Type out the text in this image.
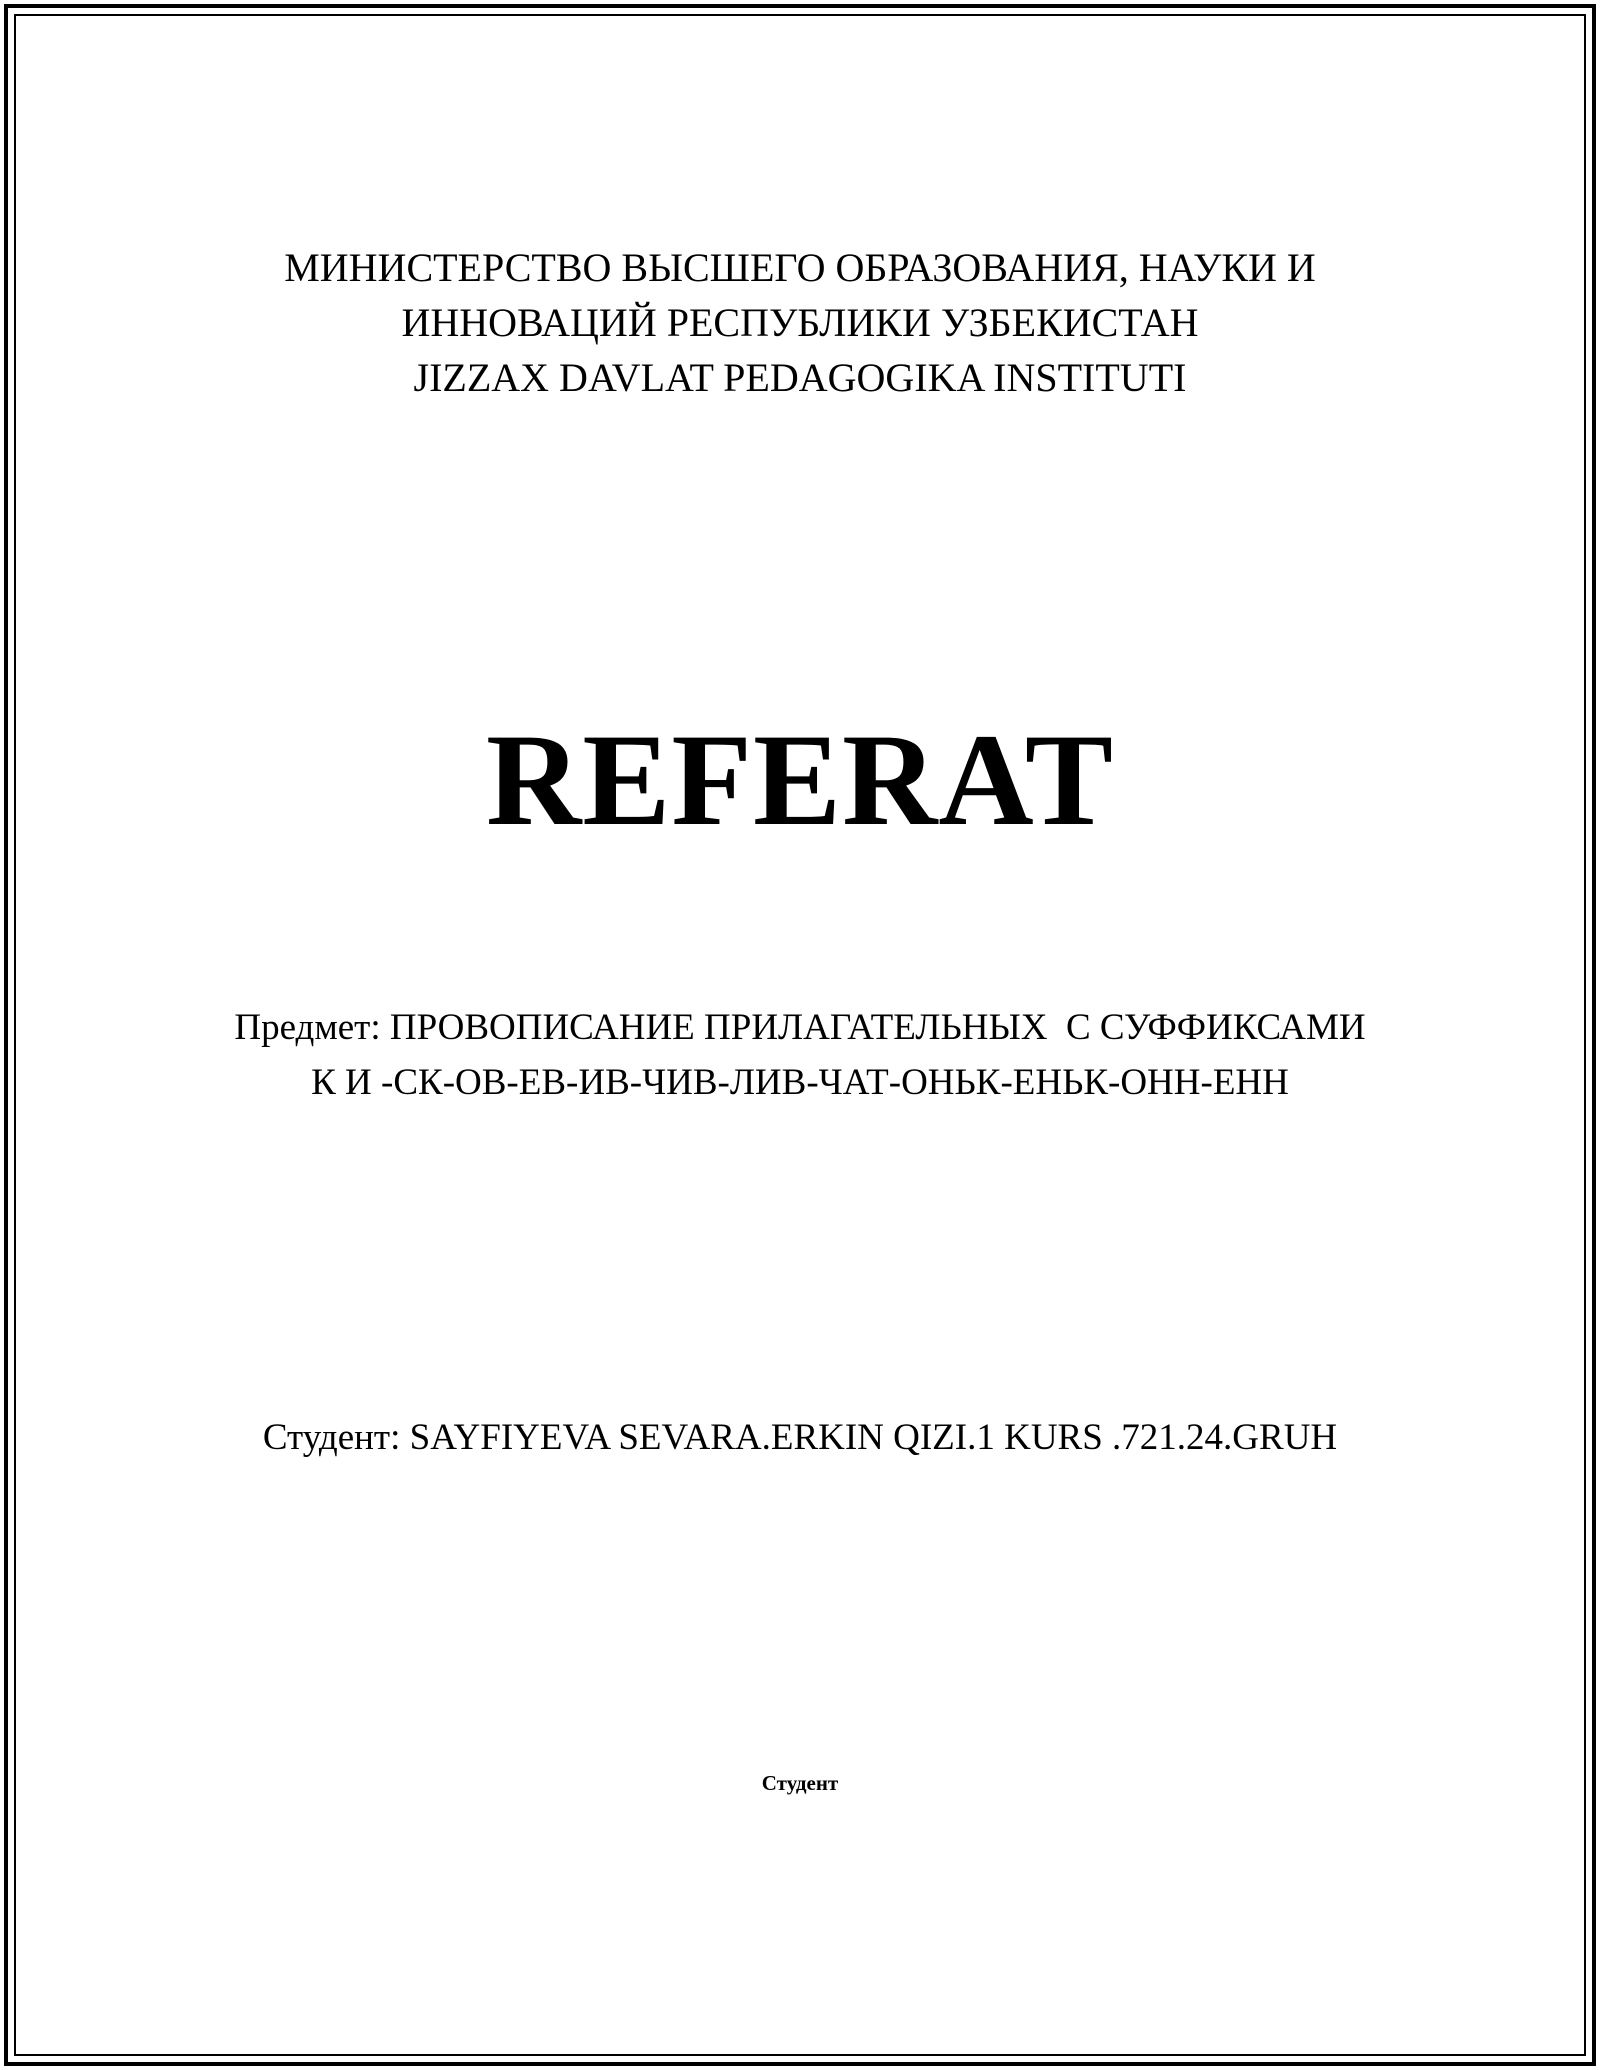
МИНИСТЕРСТВО ВЫСШЕГО ОБРАЗОВАНИЯ, НАУКИ И
ИННОВАЦИЙ РЕСПУБЛИКИ УЗБЕКИСТАН
JIZZAX DAVLAT PEDAGOGIKA INSTITUTI
REFERAT
Предмет: ПРОВОПИСАНИЕ ПРИЛАГАТЕЛЬНЫХ  С СУФФИКСАМИ К И -СК-ОВ-ЕВ-ИВ-ЧИВ-ЛИВ-ЧАТ-ОНЬК-ЕНЬК-ОНН-ЕНН
Студент: SAYFIYEVA SEVARA.ERKIN QIZI.1 KURS .721.24.GRUH
Студент
